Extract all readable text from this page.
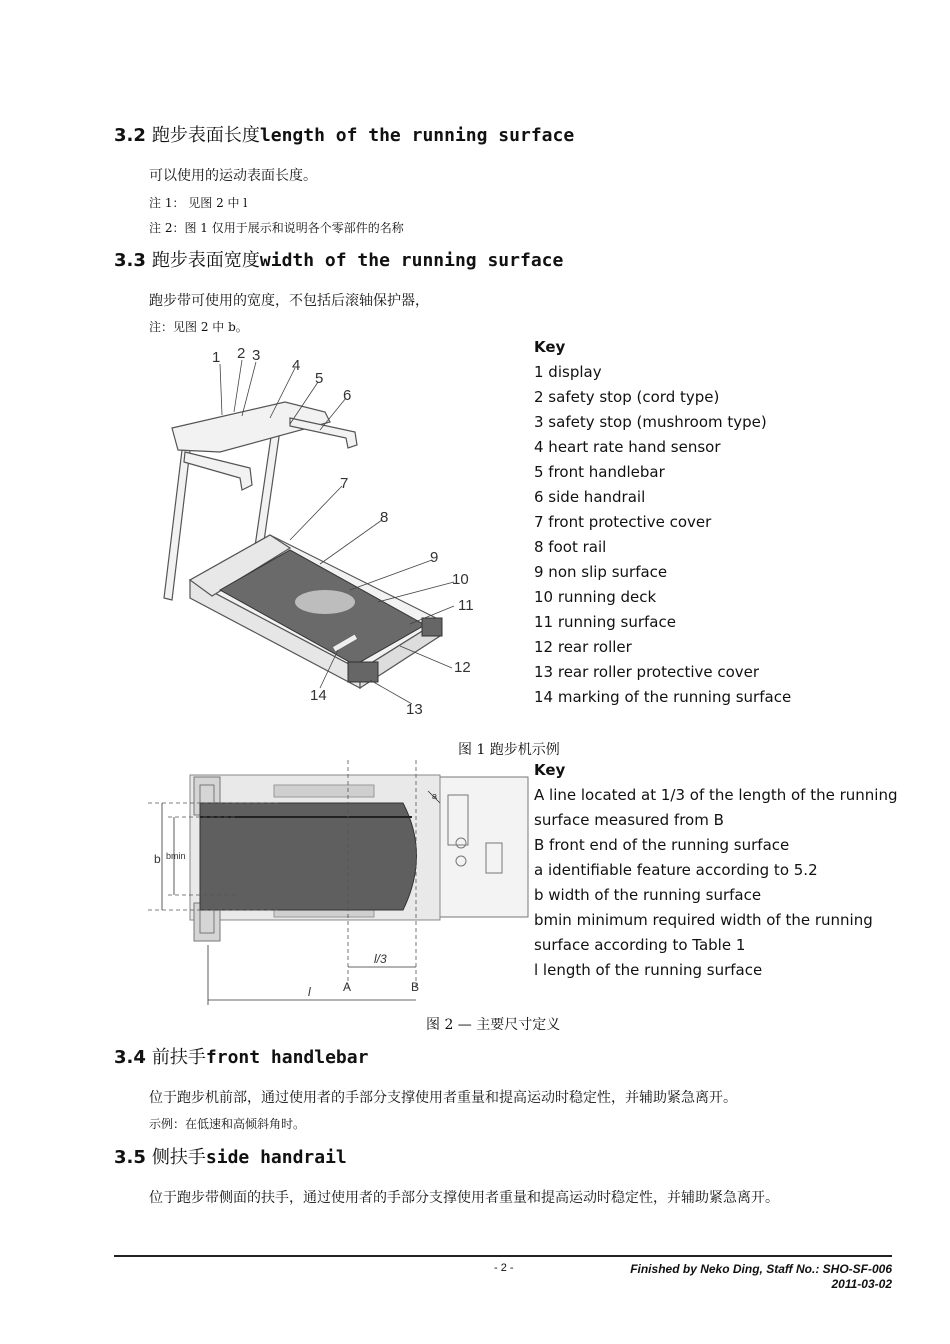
3.2 跑步表面长度length of the running surface
可以使用的运动表面长度。
注 1： 见图 2 中 l
注 2：图 1 仅用于展示和说明各个零部件的名称
3.3 跑步表面宽度width of the running surface
跑步带可使用的宽度，不包括后滚轴保护器，
注：见图 2 中 b。
1 2 3
4
5
6
7
8
9
10
11
12
13
14
Key
1 display
2 safety stop (cord type)
3 safety stop (mushroom type)
4 heart rate hand sensor
5 front handlebar
6 side handrail
7 front protective cover
8 foot rail
9 non slip surface
10 running deck
11 running surface
12 rear roller
13 rear roller protective cover
14 marking of the running surface
图 1 跑步机示例
b bmin
l/3
l	A	B
a
Key
A line located at 1/3 of the length of the running surface measured from B
B front end of the running surface
a identifiable feature according to 5.2
b width of the running surface
bmin minimum required width of the running surface according to Table 1
l length of the running surface
图 2 — 主要尺寸定义
3.4 前扶手front handlebar
位于跑步机前部，通过使用者的手部分支撑使用者重量和提高运动时稳定性，并辅助紧急离开。
示例：在低速和高倾斜角时。
3.5 侧扶手side handrail
位于跑步带侧面的扶手，通过使用者的手部分支撑使用者重量和提高运动时稳定性，并辅助紧急离开。
- 2 -	Finished by Neko Ding, Staff No.: SHO-SF-006
2011-03-02
